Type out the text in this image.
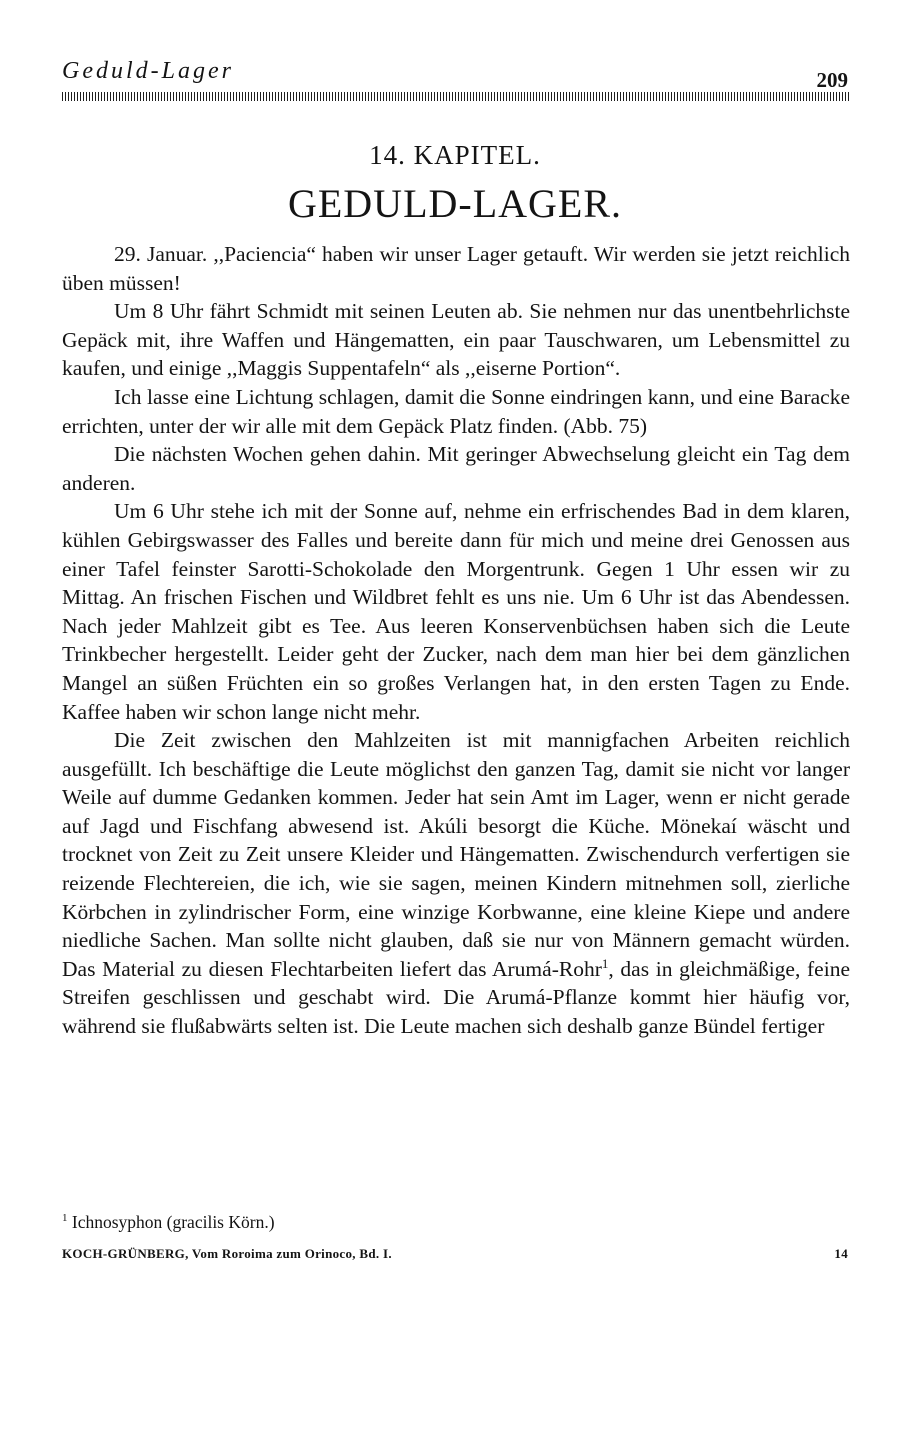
Geduld-Lager	209
14. KAPITEL.
GEDULD-LAGER.

29. Januar. ,,Paciencia“ haben wir unser Lager getauft. Wir werden sie jetzt reichlich üben müssen!

Um 8 Uhr fährt Schmidt mit seinen Leuten ab. Sie nehmen nur das unentbehrlichste Gepäck mit, ihre Waffen und Hängematten, ein paar Tauschwaren, um Lebensmittel zu kaufen, und einige ,,Maggis Suppentafeln“ als ,,eiserne Portion“.

Ich lasse eine Lichtung schlagen, damit die Sonne eindringen kann, und eine Baracke errichten, unter der wir alle mit dem Gepäck Platz finden. (Abb. 75)

Die nächsten Wochen gehen dahin. Mit geringer Abwechselung gleicht ein Tag dem anderen.

Um 6 Uhr stehe ich mit der Sonne auf, nehme ein erfrischendes Bad in dem klaren, kühlen Gebirgswasser des Falles und bereite dann für mich und meine drei Genossen aus einer Tafel feinster Sarotti-Schokolade den Morgentrunk. Gegen 1 Uhr essen wir zu Mittag. An frischen Fischen und Wildbret fehlt es uns nie. Um 6 Uhr ist das Abendessen. Nach jeder Mahlzeit gibt es Tee. Aus leeren Konservenbüchsen haben sich die Leute Trinkbecher hergestellt. Leider geht der Zucker, nach dem man hier bei dem gänzlichen Mangel an süßen Früchten ein so großes Verlangen hat, in den ersten Tagen zu Ende. Kaffee haben wir schon lange nicht mehr.

Die Zeit zwischen den Mahlzeiten ist mit mannigfachen Arbeiten reichlich ausgefüllt. Ich beschäftige die Leute möglichst den ganzen Tag, damit sie nicht vor langer Weile auf dumme Gedanken kommen. Jeder hat sein Amt im Lager, wenn er nicht gerade auf Jagd und Fischfang abwesend ist. Akúli besorgt die Küche. Mönekaí wäscht und trocknet von Zeit zu Zeit unsere Kleider und Hängematten. Zwischendurch verfertigen sie reizende Flechtereien, die ich, wie sie sagen, meinen Kindern mitnehmen soll, zierliche Körbchen in zylindrischer Form, eine winzige Korbwanne, eine kleine Kiepe und andere niedliche Sachen. Man sollte nicht glauben, daß sie nur von Männern gemacht würden. Das Material zu diesen Flechtarbeiten liefert das Arumá-Rohr$^1$, das in gleichmäßige, feine Streifen geschlissen und geschabt wird. Die Arumá-Pflanze kommt hier häufig vor, während sie flußabwärts selten ist. Die Leute machen sich deshalb ganze Bündel fertiger

$^1$ Ichnosyphon (gracilis Körn.)
KOCH-GRÜNBERG, Vom Roroima zum Orinoco, Bd. I.	14
